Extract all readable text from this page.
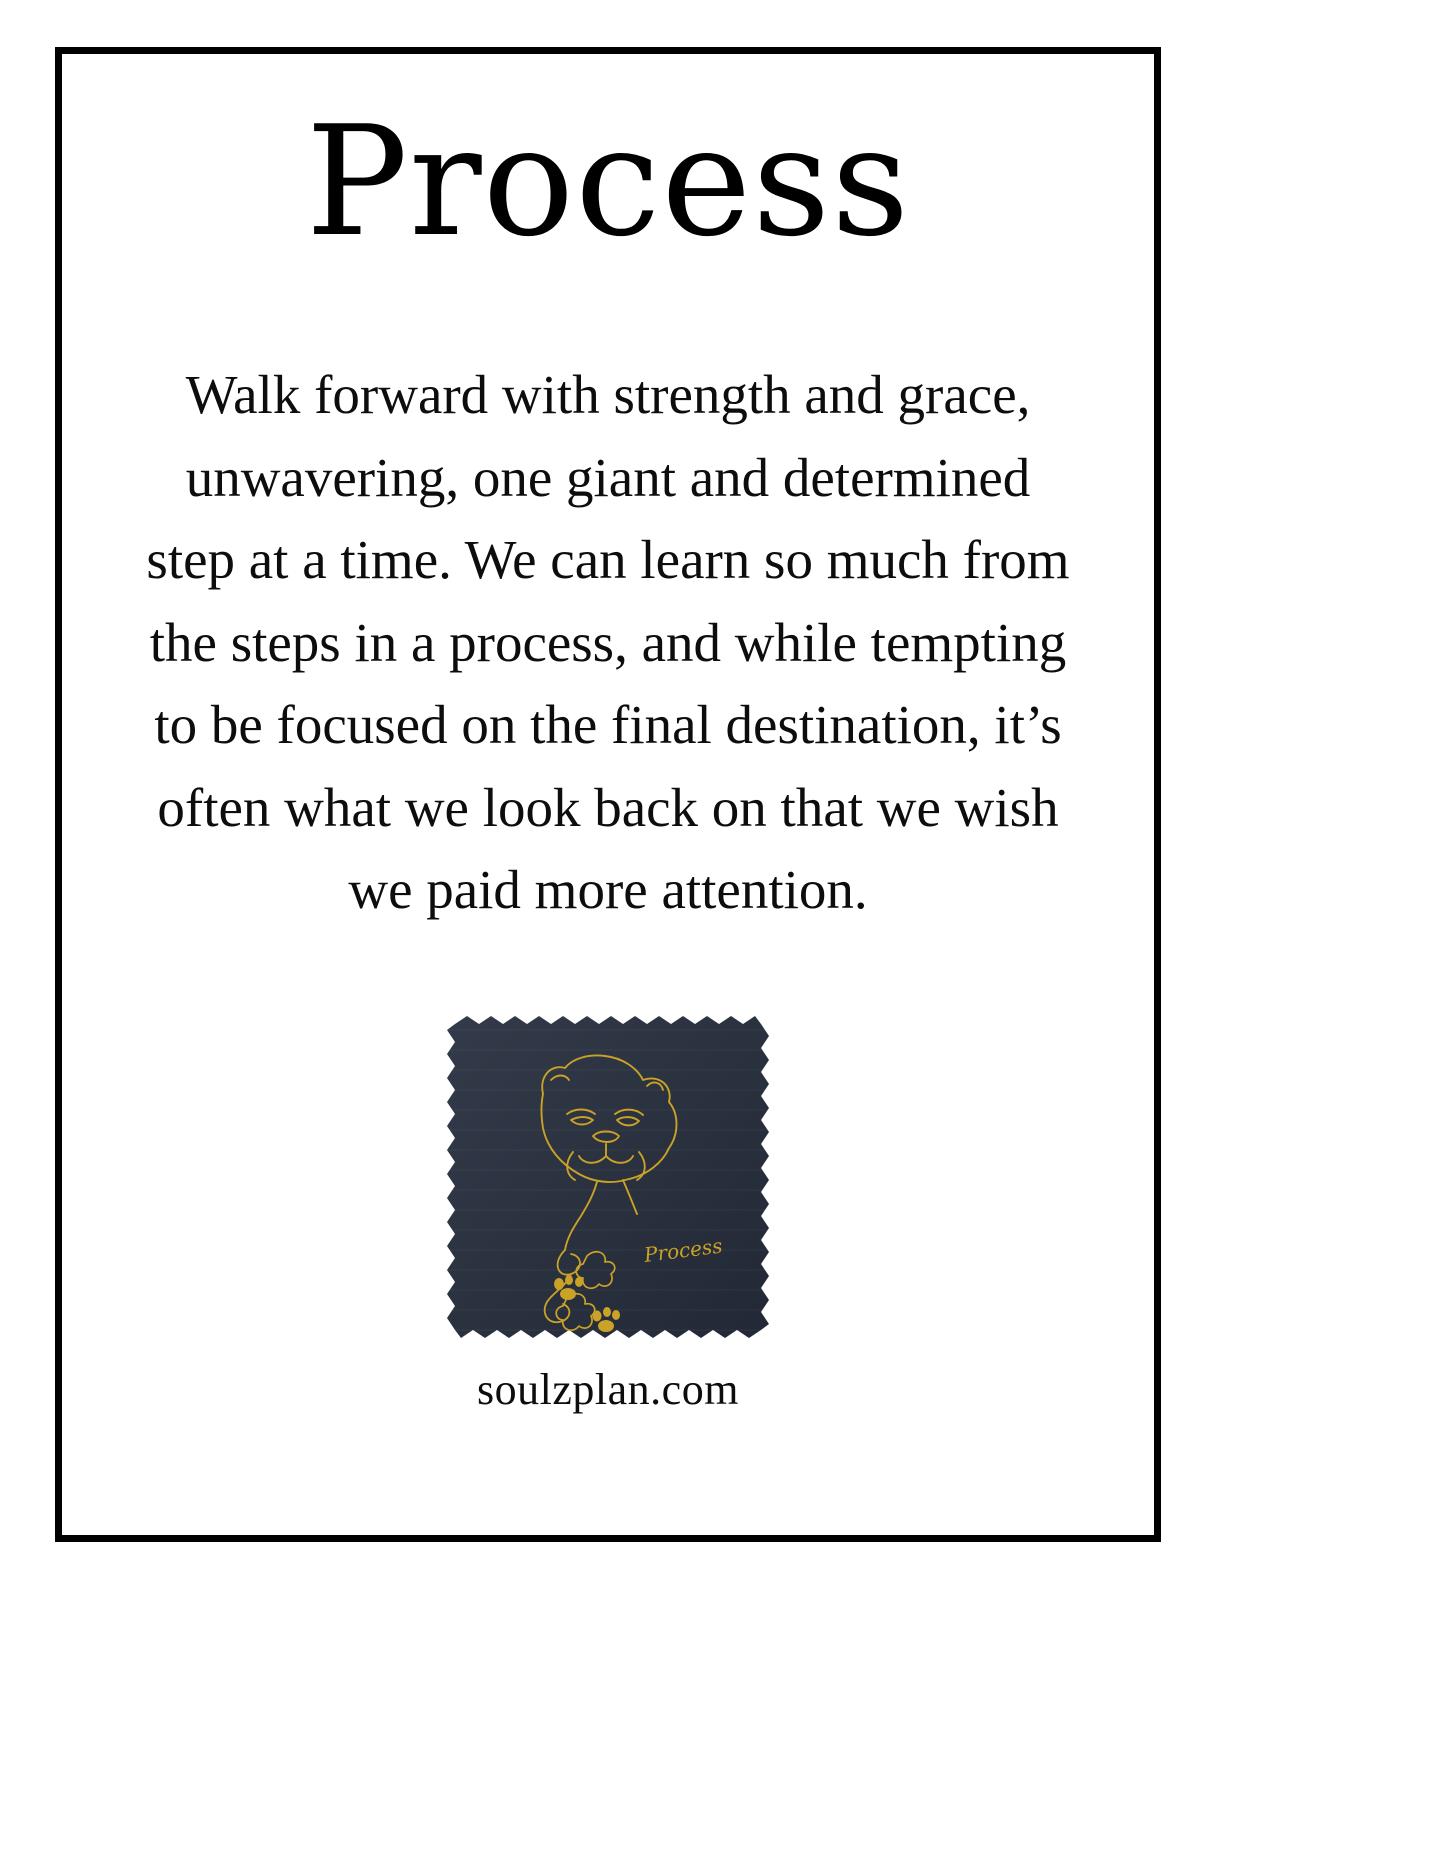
Process

Walk forward with strength and grace, unwavering, one giant and determined step at a time. We can learn so much from the steps in a process, and while tempting to be focused on the final destination, it’s often what we look back on that we wish we paid more attention.

Process
soulzplan.com
